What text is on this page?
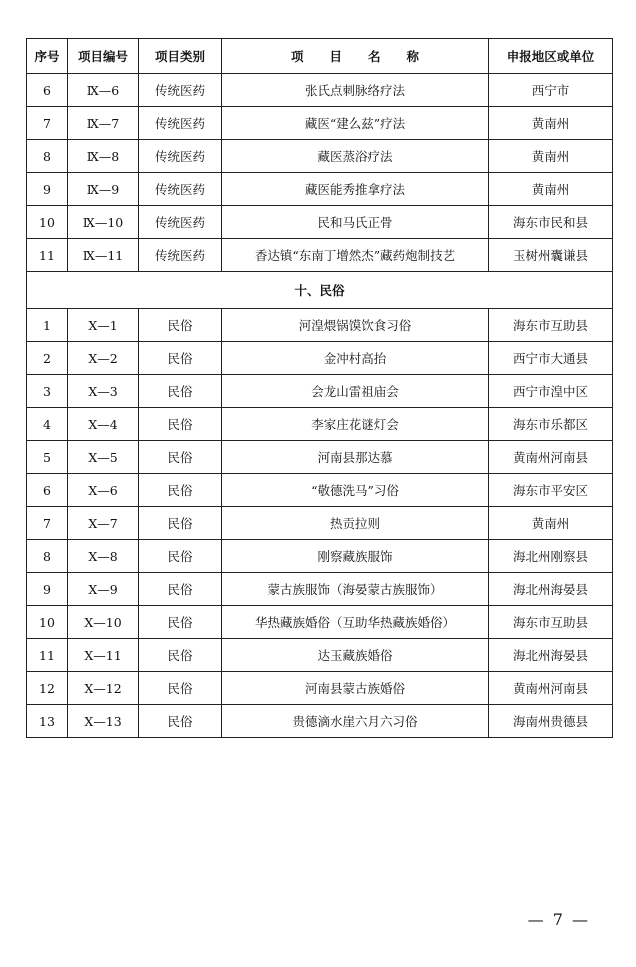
序号	项目编号	项目类别	项目名称	申报地区或单位
6	Ⅸ—6	传统医药	张氏点刺脉络疗法	西宁市
7	Ⅸ—7	传统医药	藏医“建么兹”疗法	黄南州
8	Ⅸ—8	传统医药	藏医蒸浴疗法	黄南州
9	Ⅸ—9	传统医药	藏医能秀推拿疗法	黄南州
10	Ⅸ—10	传统医药	民和马氏正骨	海东市民和县
11	Ⅸ—11	传统医药	香达镇“东南丁增然杰”藏药炮制技艺	玉树州囊谦县
十、民俗				
1	Ⅹ—1	民俗	河湟煨锅馍饮食习俗	海东市互助县
2	Ⅹ—2	民俗	金冲村高抬	西宁市大通县
3	Ⅹ—3	民俗	会龙山雷祖庙会	西宁市湟中区
4	Ⅹ—4	民俗	李家庄花谜灯会	海东市乐都区
5	Ⅹ—5	民俗	河南县那达慕	黄南州河南县
6	Ⅹ—6	民俗	“敬德洗马”习俗	海东市平安区
7	Ⅹ—7	民俗	热贡拉则	黄南州
8	Ⅹ—8	民俗	刚察藏族服饰	海北州刚察县
9	Ⅹ—9	民俗	蒙古族服饰（海晏蒙古族服饰）	海北州海晏县
10	Ⅹ—10	民俗	华热藏族婚俗（互助华热藏族婚俗）	海东市互助县
11	Ⅹ—11	民俗	达玉藏族婚俗	海北州海晏县
12	Ⅹ—12	民俗	河南县蒙古族婚俗	黄南州河南县
13	Ⅹ—13	民俗	贵德滴水崖六月六习俗	海南州贵德县
— 7 —
